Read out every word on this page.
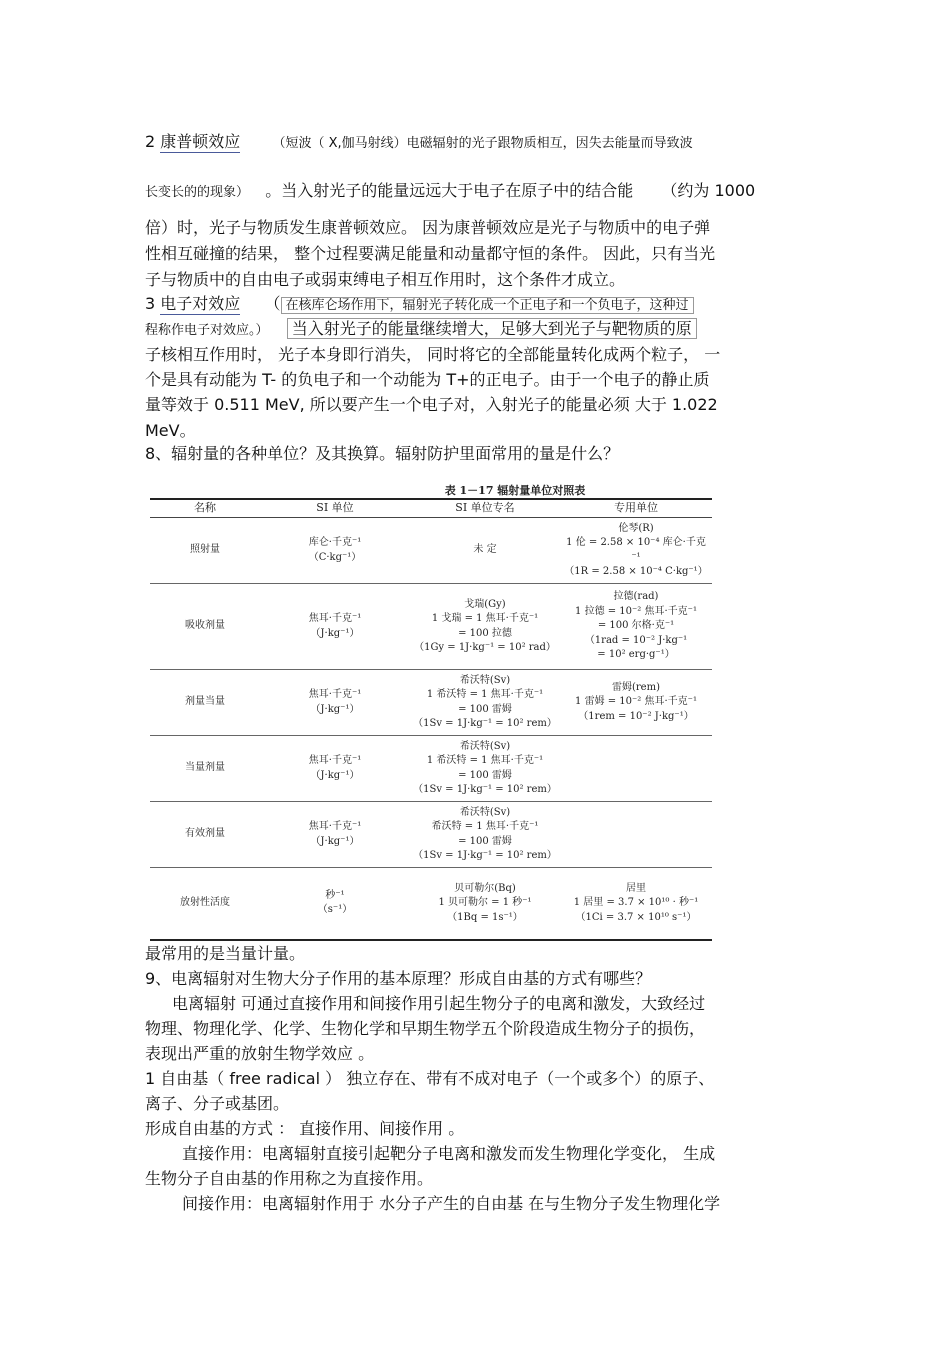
2 康普顿效应 （短波（ X,伽马射线）电磁辐射的光子跟物质相互，因失去能量而导致波
长变长的的现象） 。当入射光子的能量远远大于电子在原子中的结合能 （约为 1000
倍）时，光子与物质发生康普顿效应。 因为康普顿效应是光子与物质中的电子弹
性相互碰撞的结果， 整个过程要满足能量和动量都守恒的条件。 因此，只有当光
子与物质中的自由电子或弱束缚电子相互作用时，这个条件才成立。
3 电子对效应 （ 在核库仑场作用下，辐射光子转化成一个正电子和一个负电子，这种过
程称作电子对效应。） 当入射光子的能量继续增大，足够大到光子与靶物质的原
子核相互作用时， 光子本身即行消失， 同时将它的全部能量转化成两个粒子， 一
个是具有动能为 T- 的负电子和一个动能为 T+的正电子。由于一个电子的静止质
量等效于 0.511 MeV, 所以要产生一个电子对，入射光子的能量必须 大于 1.022
MeV。
8、辐射量的各种单位？及其换算。辐射防护里面常用的量是什么？
表 1－17 辐射量单位对照表
名称	SI 单位	SI 单位专名	专用单位
照射量	库仑·千克⁻¹
（C·kg⁻¹）	未 定	伦琴(R)
1 伦 = 2.58 × 10⁻⁴ 库仑·千克⁻¹
（1R = 2.58 × 10⁻⁴ C·kg⁻¹）

吸收剂量	焦耳·千克⁻¹
（J·kg⁻¹）	戈瑞(Gy)
1 戈瑞 = 1 焦耳·千克⁻¹
= 100 拉德
（1Gy = 1J·kg⁻¹ = 10² rad）	拉德(rad)
1 拉德 = 10⁻² 焦耳·千克⁻¹
= 100 尔格·克⁻¹
（1rad = 10⁻² J·kg⁻¹
= 10² erg·g⁻¹）

剂量当量	焦耳·千克⁻¹
（J·kg⁻¹）	希沃特(Sv)
1 希沃特 = 1 焦耳·千克⁻¹
= 100 雷姆
（1Sv = 1J·kg⁻¹ = 10² rem）	雷姆(rem)
1 雷姆 = 10⁻² 焦耳·千克⁻¹
（1rem = 10⁻² J·kg⁻¹）

当量剂量	焦耳·千克⁻¹
（J·kg⁻¹）	希沃特(Sv)
1 希沃特 = 1 焦耳·千克⁻¹
= 100 雷姆
（1Sv = 1J·kg⁻¹ = 10² rem）	

有效剂量	焦耳·千克⁻¹
（J·kg⁻¹）	希沃特(Sv)
希沃特 = 1 焦耳·千克⁻¹
= 100 雷姆
（1Sv = 1J·kg⁻¹ = 10² rem）	

放射性活度	秒⁻¹
（s⁻¹）	贝可勒尔(Bq)
1 贝可勒尔 = 1 秒⁻¹
（1Bq = 1s⁻¹）	居里
1 居里 = 3.7 × 10¹⁰ · 秒⁻¹
（1Ci = 3.7 × 10¹⁰ s⁻¹）
最常用的是当量计量。
9、电离辐射对生物大分子作用的基本原理？形成自由基的方式有哪些？
电离辐射 可通过直接作用和间接作用引起生物分子的电离和激发，大致经过
物理、物理化学、化学、生物化学和早期生物学五个阶段造成生物分子的损伤，
表现出严重的放射生物学效应 。
1 自由基（ free radical ） 独立存在、带有不成对电子（一个或多个）的原子、
离子、分子或基团。
形成自由基的方式 ： 直接作用、间接作用 。
直接作用：电离辐射直接引起靶分子电离和激发而发生物理化学变化， 生成
生物分子自由基的作用称之为直接作用。
间接作用：电离辐射作用于 水分子产生的自由基 在与生物分子发生物理化学
